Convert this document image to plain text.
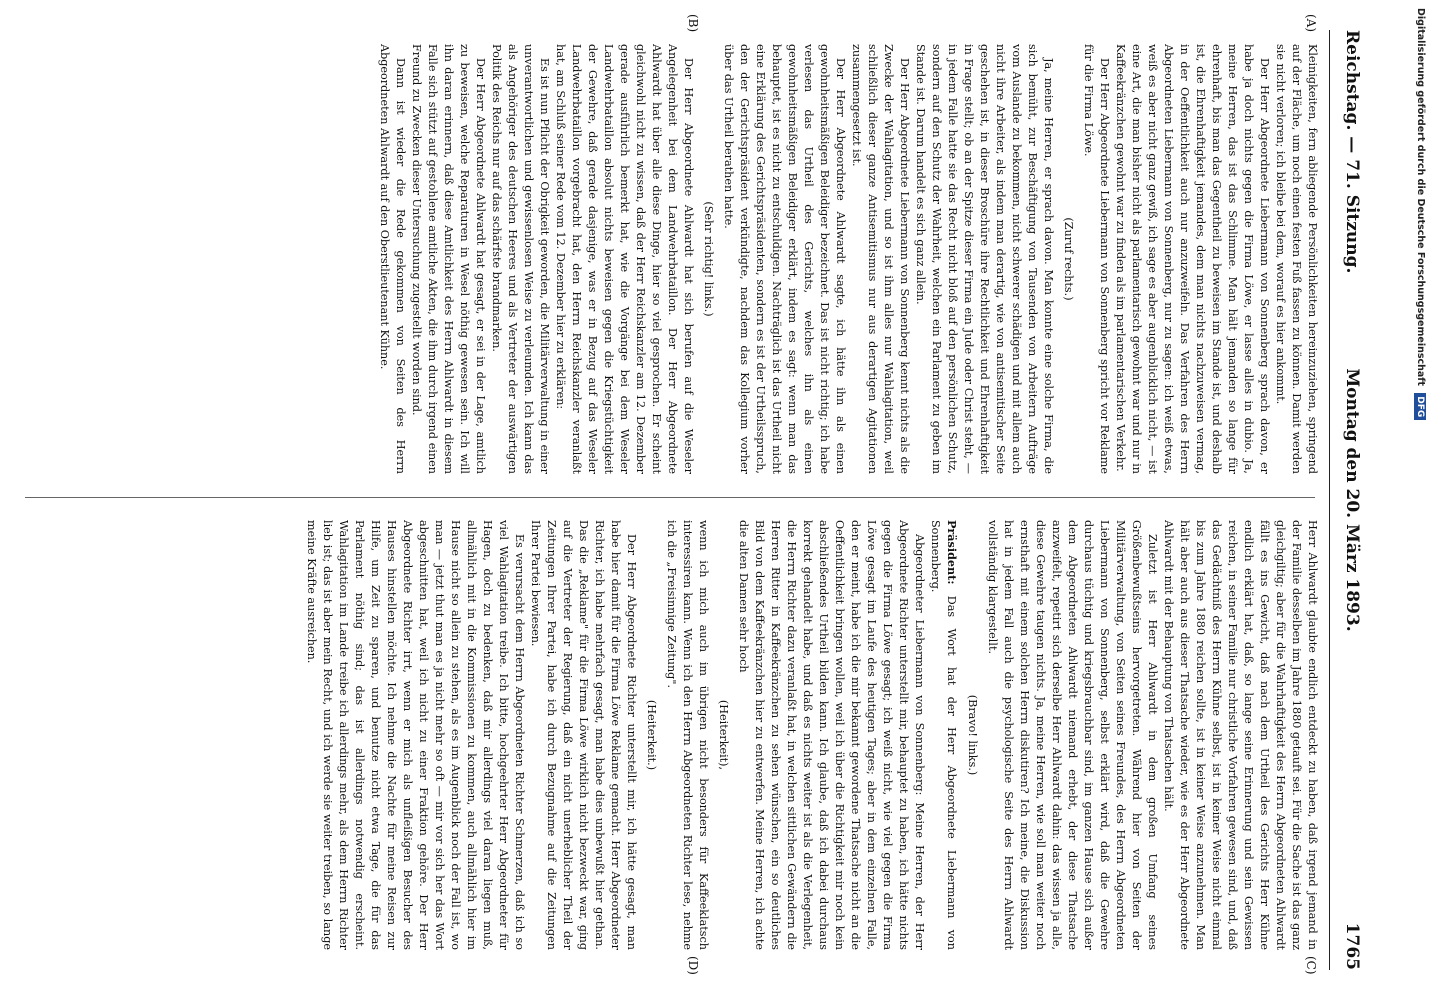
Reichstag. — 71. Sitzung.
Montag den 20. März 1893.
1765
(A)
(B)
(C)
(D)

Kleinigkeiten, fern abliegende Persönlichkeiten hereinzuziehen, springend auf der Fläche, um noch einen festen Fuß fassen zu können. Damit werden sie nicht verloren; ich bleibe bei dem, worauf es hier ankommt.

Der Herr Abgeordnete Liebermann von Sonnenberg sprach davon, er habe ja doch nichts gegen die Firma Löwe, er lasse alles in dubio. Ja, meine Herren, das ist das Schlimme. Man hält jemanden so lange für ehrenhaft, bis man das Gegentheil zu beweisen im Stande ist, und deshalb ist, die Ehrenhaftigkeit jemandes, dem man nichts nachzuweisen vermag, in der Oeffentlichkeit auch nur anzuzweifeln. Das Verfahren des Herrn Abgeordneten Liebermann von Sonnenberg, nur zu sagen: ich weiß etwas, weiß es aber nicht ganz gewiß, ich sage es aber augenblicklich nicht, — ist eine Art, die man bisher nicht als parlamentarisch gewohnt war und nur in Kaffeekränzchen gewohnt war zu finden als im parlamentarischen Verkehr.

Der Herr Abgeordnete Liebermann von Sonnenberg spricht vor Reklame für die Firma Löwe.

(Zuruf rechts.)

Ja, meine Herren, er sprach davon. Man konnte eine solche Firma, die sich bemüht, zur Beschäftigung von Tausenden von Arbeitern Aufträge vom Auslande zu bekommen, nicht schwerer schädigen und mit allem auch nicht ihre Arbeiter, als indem man derartig, wie von antisemitischer Seite geschehen ist, in dieser Broschüre ihre Rechtlichkeit und Ehrenhaftigkeit in Frage stellt; ob an der Spitze dieser Firma ein Jude oder Christ steht, — in jedem Falle hatte sie das Recht nicht bloß auf den persönlichen Schutz, sondern auf den Schutz der Wahrheit, welchen ein Parlament zu geben im Stande ist. Darum handelt es sich ganz allein.

Der Herr Abgeordnete Liebermann von Sonnenberg kennt nichts als die Zwecke der Wahlagitation, und so ist ihm alles nur Wahlagitation, weil schließlich dieser ganze Antisemitismus nur aus derartigen Agitationen zusammengesetzt ist.

Der Herr Abgeordnete Ahlwardt sagte, ich hätte ihn als einen gewohnheitsmäßigen Beleidiger bezeichnet. Das ist nicht richtig; ich habe verlesen das Urtheil des Gerichts, welches ihn als einen gewohnheitsmäßigen Beleidiger erklärt, indem es sagt: wenn man das behauptet, ist es nicht zu entschuldigen. Nachträglich ist das Urtheil nicht eine Erklärung des Gerichtspräsidenten, sondern es ist der Urtheilsspruch, den der Gerichtspräsident verkündigte, nachdem das Kollegium vorher über das Urtheil berathen hatte.

(Sehr richtig! links.)

Der Herr Abgeordnete Ahlwardt hat sich berufen auf die Weseler Angelegenheit bei dem Landwehrbataillon. Der Herr Abgeordnete Ahlwardt hat über alle diese Dinge, hier so viel gesprochen. Er scheint gleichwohl nicht zu wissen, daß der Herr Reichskanzler am 12. Dezember gerade ausführlich bemerkt hat, wie die Vorgänge bei dem Weseler Landwehrbataillon absolut nichts beweisen gegen die Kriegstüchtigkeit der Gewehre, daß gerade dasjenige, was er in Bezug auf das Weseler Landwehrbataillon vorgebracht hat, den Herrn Reichskanzler veranlaßt hat, am Schluß seiner Rede vom 12. Dezember hier zu erklären:

Es ist nun Pflicht der Obrigkeit geworden, die Militärverwaltung in einer unverantwortlichen und gewissenlosen Weise zu verleumden. Ich kann das als Angehöriger des deutschen Heeres und als Vertreter der auswärtigen Politik des Reichs nur auf das schärfste brandmarken.

Der Herr Abgeordnete Ahlwardt hat gesagt, er sei in der Lage, amtlich zu beweisen, welche Reparaturen in Wesel nöthig gewesen sein. Ich will ihn daran erinnern, daß diese Amtlichkeit des Herrn Ahlwardt in diesem Falle sich stützt auf gestohlene amtliche Akten, die ihm durch irgend einen Freund zu Zwecken dieser Untersuchung zugestellt worden sind.

Dann ist wieder die Rede gekommen von Seiten des Herrn Abgeordneten Ahlwardt auf den Oberstlieutenant Kühne.

Herr Ahlwardt glaubte endlich entdeckt zu haben, daß irgend jemand in der Familie desselben im Jahre 1880 getauft sei. Für die Sache ist das ganz gleichgiltig; aber für die Wahrhaftigkeit des Herrn Abgeordneten Ahlwardt fällt es ins Gewicht, daß nach dem Urtheil des Gerichts Herr Kühne endlich erklärt hat, daß, so lange seine Erinnerung und sein Gewissen reichen, in seiner Familie nur christliche Vorfahren gewesen sind, und, daß das Gedächtniß des Herrn Kühne selbst, ist in keiner Weise nicht einmal bis zum Jahre 1880 reichen sollte, ist in keiner Weise anzunehmen. Man hält aber auch aus dieser Thatsache wieder, wie es der Herr Abgeordnete Ahlwardt mit der Behauptung von Thatsachen hält.

Zuletzt ist Herr Ahlwardt in dem großen Umfang seines Größenbewußtseins hervorgetreten. Während hier von Seiten der Militärverwaltung, von Seiten seines Freundes, des Herrn Abgeordneten Liebermann von Sonnenberg, selbst erklärt wird, daß die Gewehre durchaus tüchtig und kriegsbrauchbar sind, im ganzen Hause sich außer dem Abgeordneten Ahlwardt niemand erhebt, der diese Thatsache anzweifelt, repetirt sich derselbe Herr Ahlwardt dahin: das wissen ja alle, diese Gewehre taugen nichts. Ja, meine Herren, wie soll man weiter noch ernsthaft mit einem solchen Herrn diskutiren? Ich meine, die Diskussion hat in jedem Fall auch die psychologische Seite des Herrn Ahlwardt vollständig klargestellt.

(Bravo! links.)

Präsident: Das Wort hat der Herr Abgeordnete Liebermann von Sonnenberg.

Abgeordneter Liebermann von Sonnenberg: Meine Herren, der Herr Abgeordnete Richter unterstellt mir, behauptet zu haben, ich hätte nichts gegen die Firma Löwe gesagt; ich weiß nicht, wie viel gegen die Firma Löwe gesagt im Laufe des heutigen Tages; aber in dem einzelnen Falle, den er meint, habe ich die mir bekannt gewordene Thatsache nicht an die Oeffentlichkeit bringen wollen, weil ich über die Richtigkeit mir noch kein abschließendes Urtheil bilden kann. Ich glaube, daß ich dabei durchaus korrekt gehandelt habe, und daß es nichts weiter ist als die Verlegenheit, die Herrn Richter dazu veranlaßt hat, in welchen sittlichen Gewändern die Herren Ritter in Kaffeekränzchen zu sehen wünschen, ein so deutliches Bild von dem Kaffeekränzchen hier zu entwerfen. Meine Herren, ich achte die alten Damen sehr hoch

(Heiterkeit),

wenn ich mich auch im übrigen nicht besonders für Kaffeeklatsch interessiren kann. Wenn ich den Herrn Abgeordneten Richter lese, nehme ich die „Freisinnige Zeitung".

(Heiterkeit.)

Der Herr Abgeordnete Richter unterstellt mir, ich hätte gesagt, man habe hier damit für die Firma Löwe Reklame gemacht. Herr Abgeordneter Richter, ich habe mehrfach gesagt, man habe dies unbewußt hier gethan. Das die „Reklame" für die Firma Löwe wirklich nicht bezweckt war, ging auf die Vertreter der Regierung, daß ein nicht unerheblicher Theil der Zeitungen Ihrer Partei, habe ich durch Bezugnahme auf die Zeitungen Ihrer Partei bewiesen.

Es verursacht dem Herrn Abgeordneten Richter Schmerzen, daß ich so viel Wahlagitation treibe. Ich bitte, hochgeehrter Herr Abgeordneter für Hagen, doch zu bedenken, daß mir allerdings viel daran liegen muß, allmählich mit in die Kommissionen zu kommen, auch allmählich hier im Hause nicht so allein zu stehen, als es im Augenblick noch der Fall ist, wo man — jetzt thut man es ja nicht mehr so oft — mir vor sich her das Wort abgeschnitten hat, weil ich nicht zu einer Fraktion gehöre. Der Herr Abgeordnete Richter irrt, wenn er mich als unfleißigen Besucher des Hauses hinstellen möchte. Ich nehme die Nachte für meine Reisen zur Hilfe, um Zeit zu sparen, und benutze nicht etwa Tage, die für das Parlament nöthig sind; das ist allerdings notwendig erscheint. Wahlagitation im Lande treibe ich allerdings mehr, als dem Herrn Richter lieb ist; das ist aber mein Recht, und ich werde sie weiter treiben, so lange meine Kräfte ausreichen.

Digitalisierung gefördert durch die Deutsche Forschungsgemeinschaft DFG
